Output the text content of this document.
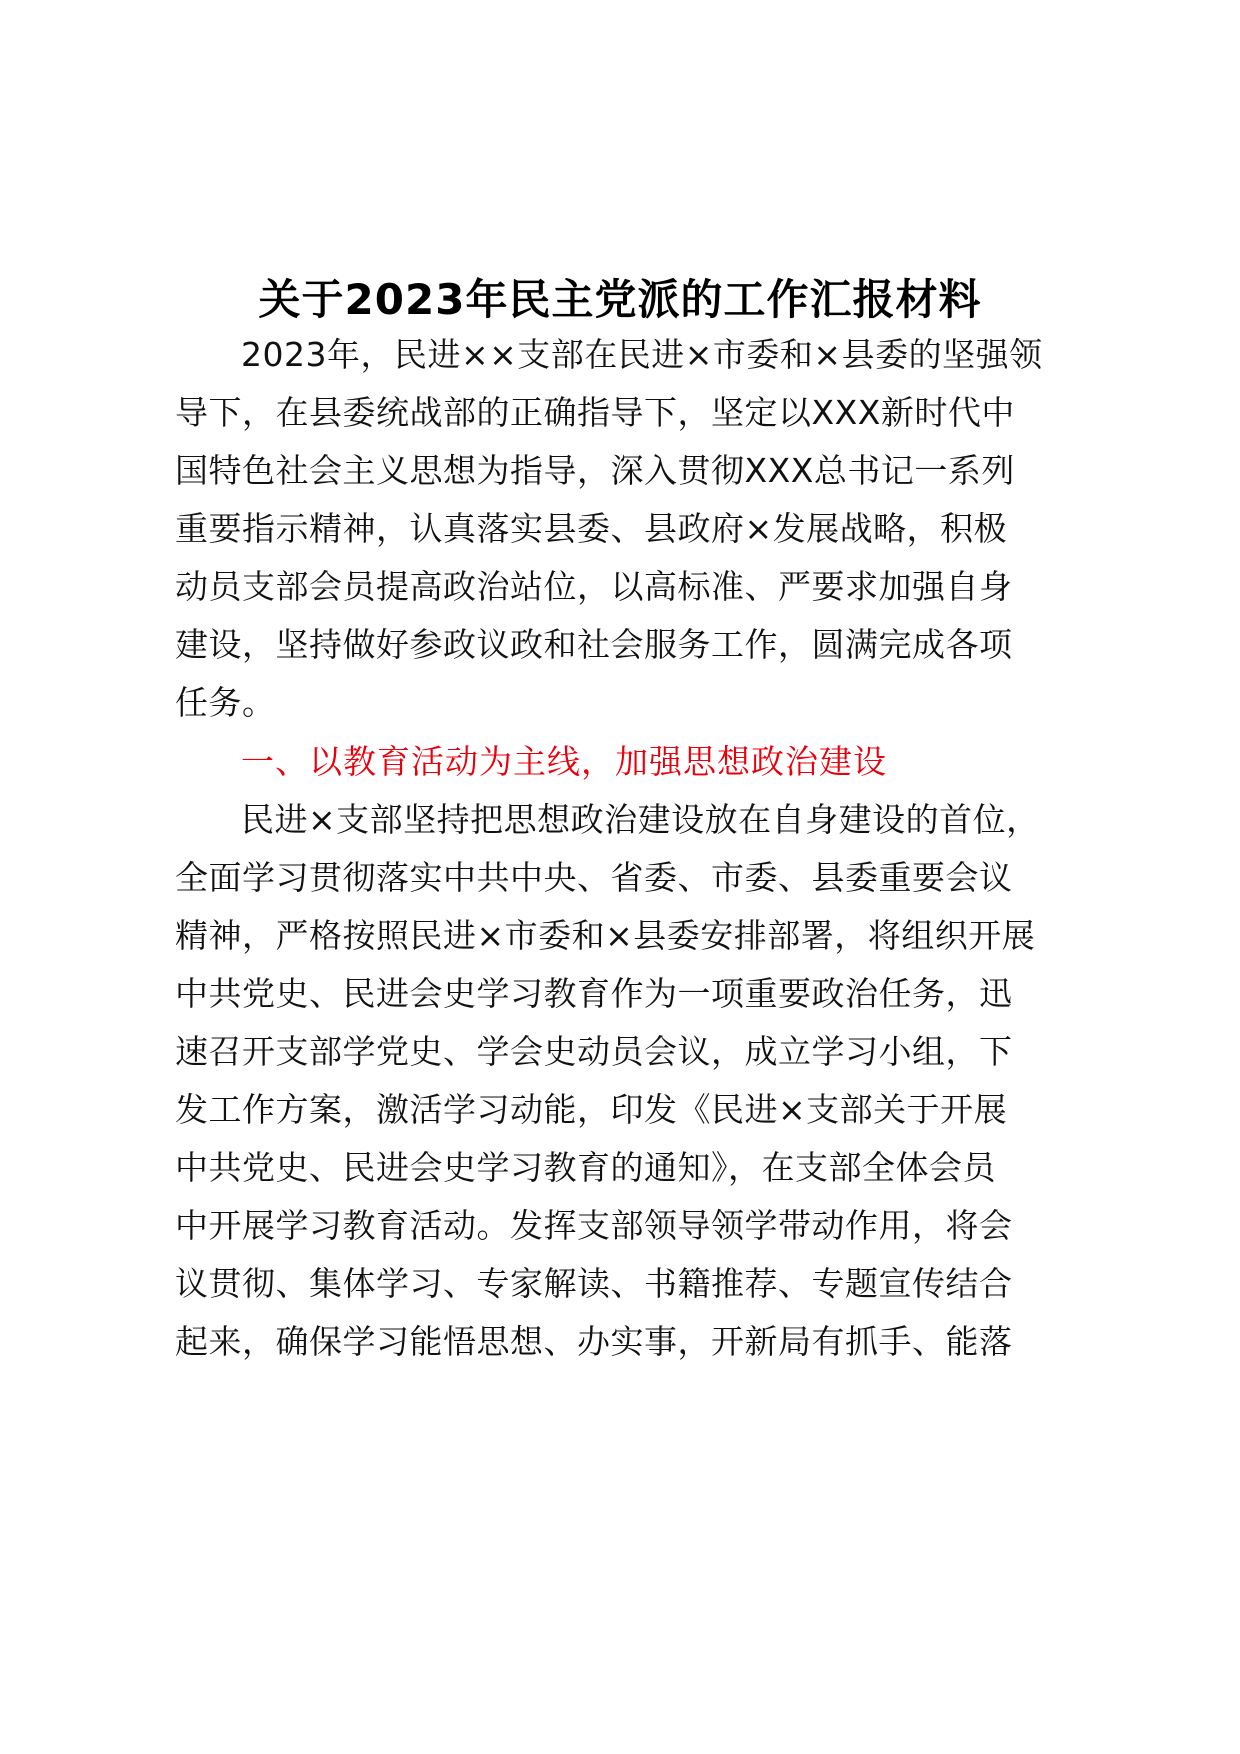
关于2023年民主党派的工作汇报材料
2023年，民进××支部在民进×市委和×县委的坚强领
导下，在县委统战部的正确指导下，坚定以XXX新时代中
国特色社会主义思想为指导，深入贯彻XXX总书记一系列
重要指示精神，认真落实县委、县政府×发展战略，积极
动员支部会员提高政治站位，以高标准、严要求加强自身
建设，坚持做好参政议政和社会服务工作，圆满完成各项
任务。
一、以教育活动为主线，加强思想政治建设
民进×支部坚持把思想政治建设放在自身建设的首位，
全面学习贯彻落实中共中央、省委、市委、县委重要会议
精神，严格按照民进×市委和×县委安排部署，将组织开展
中共党史、民进会史学习教育作为一项重要政治任务，迅
速召开支部学党史、学会史动员会议，成立学习小组，下
发工作方案，激活学习动能，印发《民进×支部关于开展
中共党史、民进会史学习教育的通知》，在支部全体会员
中开展学习教育活动。发挥支部领导领学带动作用，将会
议贯彻、集体学习、专家解读、书籍推荐、专题宣传结合
起来，确保学习能悟思想、办实事，开新局有抓手、能落
